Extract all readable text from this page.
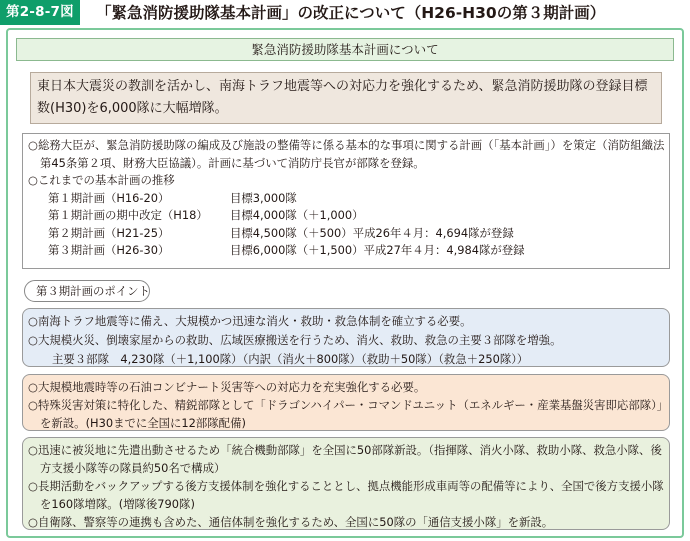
第2-8-7図	「緊急消防援助隊基本計画」の改正について（H26-H30の第３期計画）
緊急消防援助隊基本計画について
東日本大震災の教訓を活かし、南海トラフ地震等への対応力を強化するため、緊急消防援助隊の登録目標
数(H30)を6,000隊に大幅増隊。
○総務大臣が、緊急消防援助隊の編成及び施設の整備等に係る基本的な事項に関する計画（「基本計画」）を策定（消防組織法
第45条第２項、財務大臣協議）。計画に基づいて消防庁長官が部隊を登録。
○これまでの基本計画の推移
第１期計画（H16-20）	目標3,000隊
第１期計画の期中改定（H18）	目標4,000隊（＋1,000）
第２期計画（H21-25）	目標4,500隊（＋500）平成26年４月：4,694隊が登録
第３期計画（H26-30）	目標6,000隊（＋1,500）平成27年４月：4,984隊が登録
第３期計画のポイント
○南海トラフ地震等に備え、大規模かつ迅速な消火・救助・救急体制を確立する必要。
○大規模火災、倒壊家屋からの救助、広域医療搬送を行うため、消火、救助、救急の主要３部隊を増強。
主要３部隊　4,230隊（＋1,100隊）（内訳（消火＋800隊）（救助＋50隊）（救急＋250隊））
○大規模地震時等の石油コンビナート災害等への対応力を充実強化する必要。
○特殊災害対策に特化した、精鋭部隊として「ドラゴンハイパー・コマンドユニット（エネルギー・産業基盤災害即応部隊）」を新設。(H30までに全国に12部隊配備)
○迅速に被災地に先遣出動させるため「統合機動部隊」を全国に50部隊新設。（指揮隊、消火小隊、救助小隊、救急小隊、後方支援小隊等の隊員約50名で構成）
○長期活動をバックアップする後方支援体制を強化することとし、拠点機能形成車両等の配備等により、全国で後方支援小隊を160隊増隊。(増隊後790隊)
○自衛隊、警察等の連携も含めた、通信体制を強化するため、全国に50隊の「通信支援小隊」を新設。
